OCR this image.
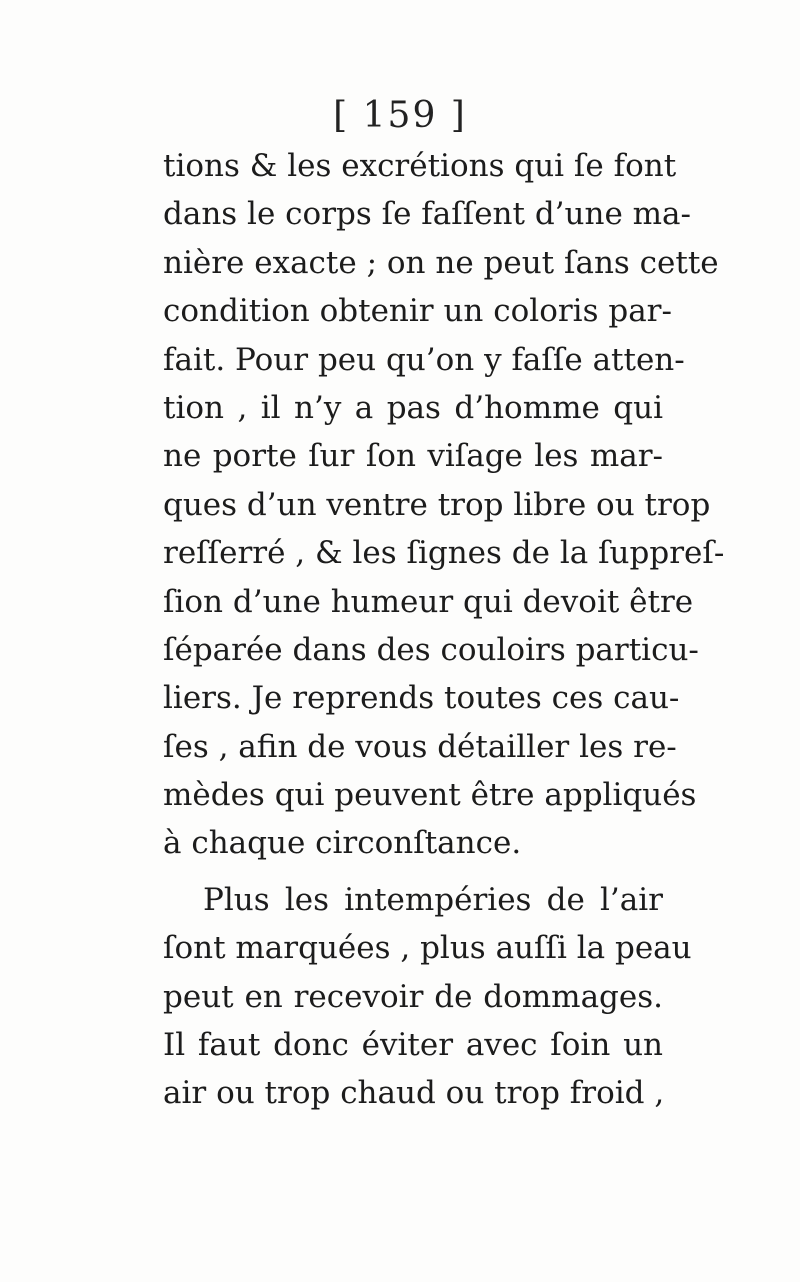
[ 159 ]
tions & les excrétions qui ſe font
dans le corps ſe faſſent d’une ma-
nière exacte ; on ne peut ſans cette
condition obtenir un coloris par-
fait. Pour peu qu’on y faſſe atten-
tion , il n’y a pas d’homme qui
ne porte ſur ſon viſage les mar-
ques d’un ventre trop libre ou trop
reſſerré , & les ſignes de la ſuppreſ-
ſion d’une humeur qui devoit être
ſéparée dans des couloirs particu-
liers. Je reprends toutes ces cau-
ſes , afin de vous détailler les re-
mèdes qui peuvent être appliqués
à chaque circonſtance.
Plus les intempéries de l’air
ſont marquées , plus auſſi la peau
peut en recevoir de dommages.
Il faut donc éviter avec ſoin un
air ou trop chaud ou trop froid ,
